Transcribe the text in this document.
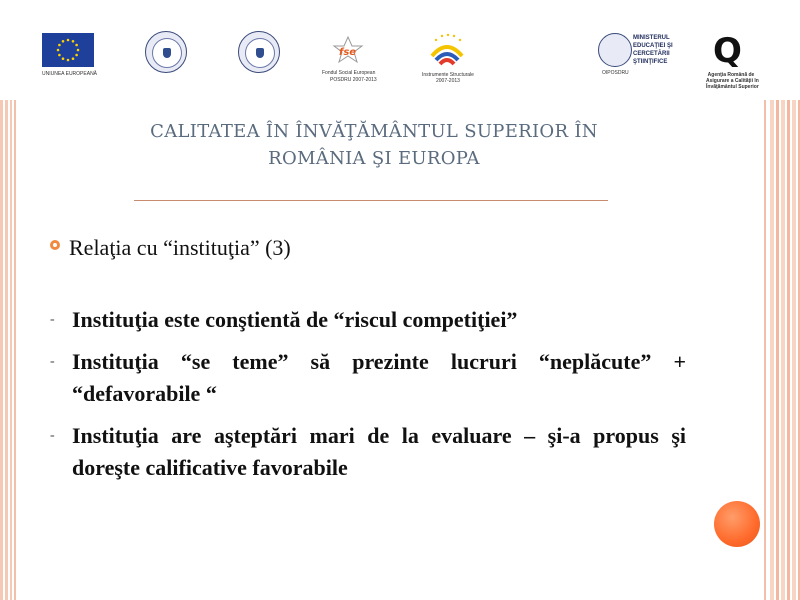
UNIUNEA EUROPEANĂ
fse
Fondul Social European
POSDRU 2007-2013
Instrumente Structurale
2007-2013
MINISTERUL
EDUCAŢIEI ŞI
CERCETĂRII
ŞTIINŢIFICE
OIPOSDRU
Q
Agenţia Română de
Asigurare a Calităţii în
Învăţământul Superior
CALITATEA ÎN ÎNVĂŢĂMÂNTUL SUPERIOR ÎN
ROMÂNIA ŞI EUROPA
Relaţia cu “instituţia” (3)
- Instituţia este conştientă de “riscul competiţiei”
- Instituţia “se teme” să prezinte lucruri “neplăcute” + “defavorabile “
- Instituţia are aşteptări mari de la evaluare – şi-a propus şi doreşte calificative favorabile
